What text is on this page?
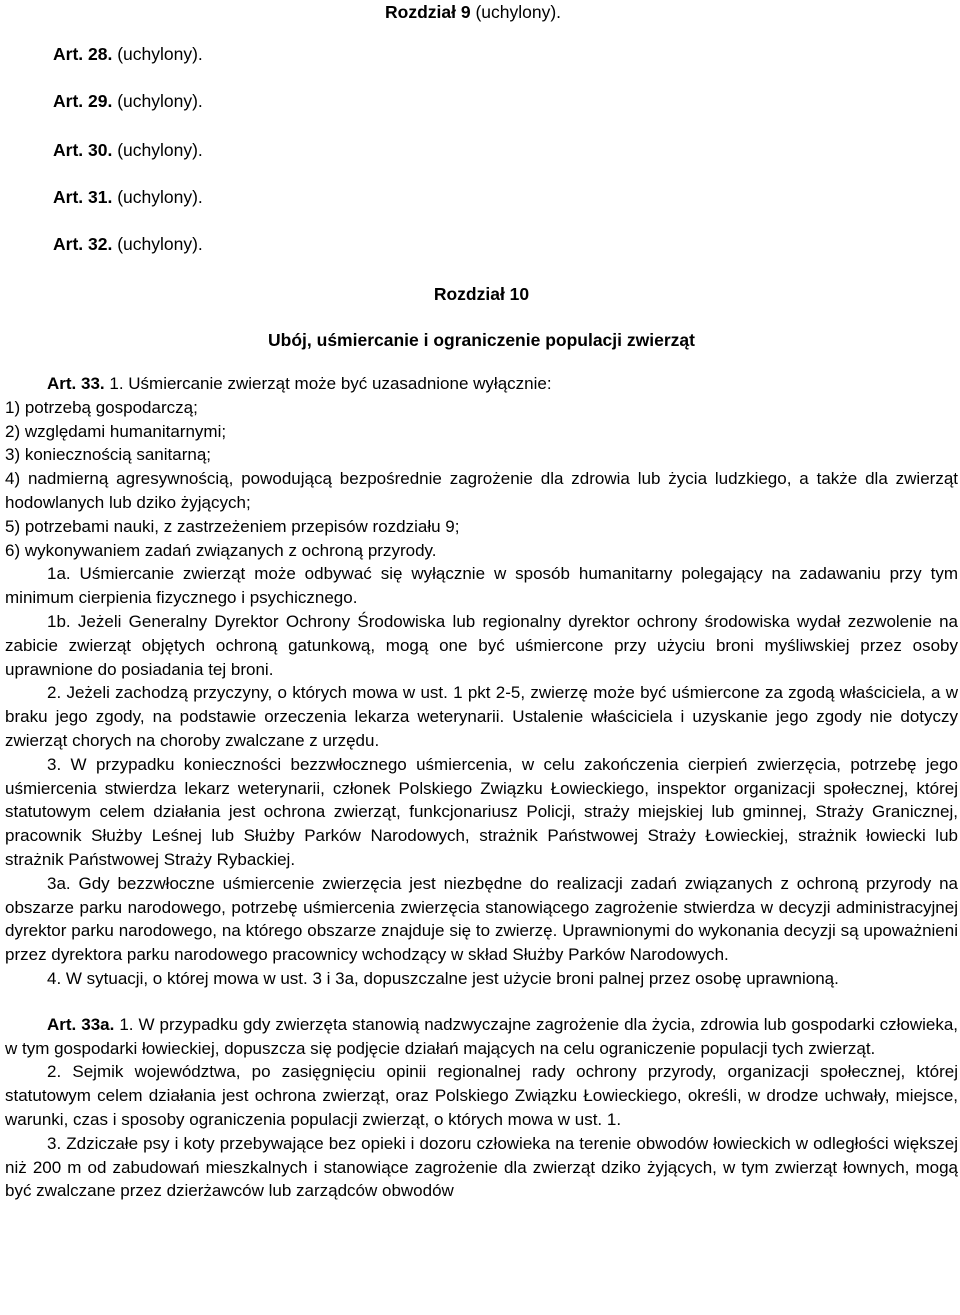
Rozdział 9 (uchylony).
Art. 28. (uchylony).
Art. 29. (uchylony).
Art. 30. (uchylony).
Art. 31. (uchylony).
Art. 32. (uchylony).
Rozdział 10
Ubój, uśmiercanie i ograniczenie populacji zwierząt

Art. 33. 1. Uśmiercanie zwierząt może być uzasadnione wyłącznie:

1) potrzebą gospodarczą;

2) względami humanitarnymi;

3) koniecznością sanitarną;

4) nadmierną agresywnością, powodującą bezpośrednie zagrożenie dla zdrowia lub życia ludzkiego, a także dla zwierząt hodowlanych lub dziko żyjących;

5) potrzebami nauki, z zastrzeżeniem przepisów rozdziału 9;

6) wykonywaniem zadań związanych z ochroną przyrody.

1a. Uśmiercanie zwierząt może odbywać się wyłącznie w sposób humanitarny polegający na zadawaniu przy tym minimum cierpienia fizycznego i psychicznego.

1b. Jeżeli Generalny Dyrektor Ochrony Środowiska lub regionalny dyrektor ochrony środowiska wydał zezwolenie na zabicie zwierząt objętych ochroną gatunkową, mogą one być uśmiercone przy użyciu broni myśliwskiej przez osoby uprawnione do posiadania tej broni.

2. Jeżeli zachodzą przyczyny, o których mowa w ust. 1 pkt 2-5, zwierzę może być uśmiercone za zgodą właściciela, a w braku jego zgody, na podstawie orzeczenia lekarza weterynarii. Ustalenie właściciela i uzyskanie jego zgody nie dotyczy zwierząt chorych na choroby zwalczane z urzędu.

3. W przypadku konieczności bezzwłocznego uśmiercenia, w celu zakończenia cierpień zwierzęcia, potrzebę jego uśmiercenia stwierdza lekarz weterynarii, członek Polskiego Związku Łowieckiego, inspektor organizacji społecznej, której statutowym celem działania jest ochrona zwierząt, funkcjonariusz Policji, straży miejskiej lub gminnej, Straży Granicznej, pracownik Służby Leśnej lub Służby Parków Narodowych, strażnik Państwowej Straży Łowieckiej, strażnik łowiecki lub strażnik Państwowej Straży Rybackiej.

3a. Gdy bezzwłoczne uśmiercenie zwierzęcia jest niezbędne do realizacji zadań związanych z ochroną przyrody na obszarze parku narodowego, potrzebę uśmiercenia zwierzęcia stanowiącego zagrożenie stwierdza w decyzji administracyjnej dyrektor parku narodowego, na którego obszarze znajduje się to zwierzę. Uprawnionymi do wykonania decyzji są upoważnieni przez dyrektora parku narodowego pracownicy wchodzący w skład Służby Parków Narodowych.

4. W sytuacji, o której mowa w ust. 3 i 3a, dopuszczalne jest użycie broni palnej przez osobę uprawnioną.

Art. 33a. 1. W przypadku gdy zwierzęta stanowią nadzwyczajne zagrożenie dla życia, zdrowia lub gospodarki człowieka, w tym gospodarki łowieckiej, dopuszcza się podjęcie działań mających na celu ograniczenie populacji tych zwierząt.

2. Sejmik województwa, po zasięgnięciu opinii regionalnej rady ochrony przyrody, organizacji społecznej, której statutowym celem działania jest ochrona zwierząt, oraz Polskiego Związku Łowieckiego, określi, w drodze uchwały, miejsce, warunki, czas i sposoby ograniczenia populacji zwierząt, o których mowa w ust. 1.

3. Zdziczałe psy i koty przebywające bez opieki i dozoru człowieka na terenie obwodów łowieckich w odległości większej niż 200 m od zabudowań mieszkalnych i stanowiące zagrożenie dla zwierząt dziko żyjących, w tym zwierząt łownych, mogą być zwalczane przez dzierżawców lub zarządców obwodów
